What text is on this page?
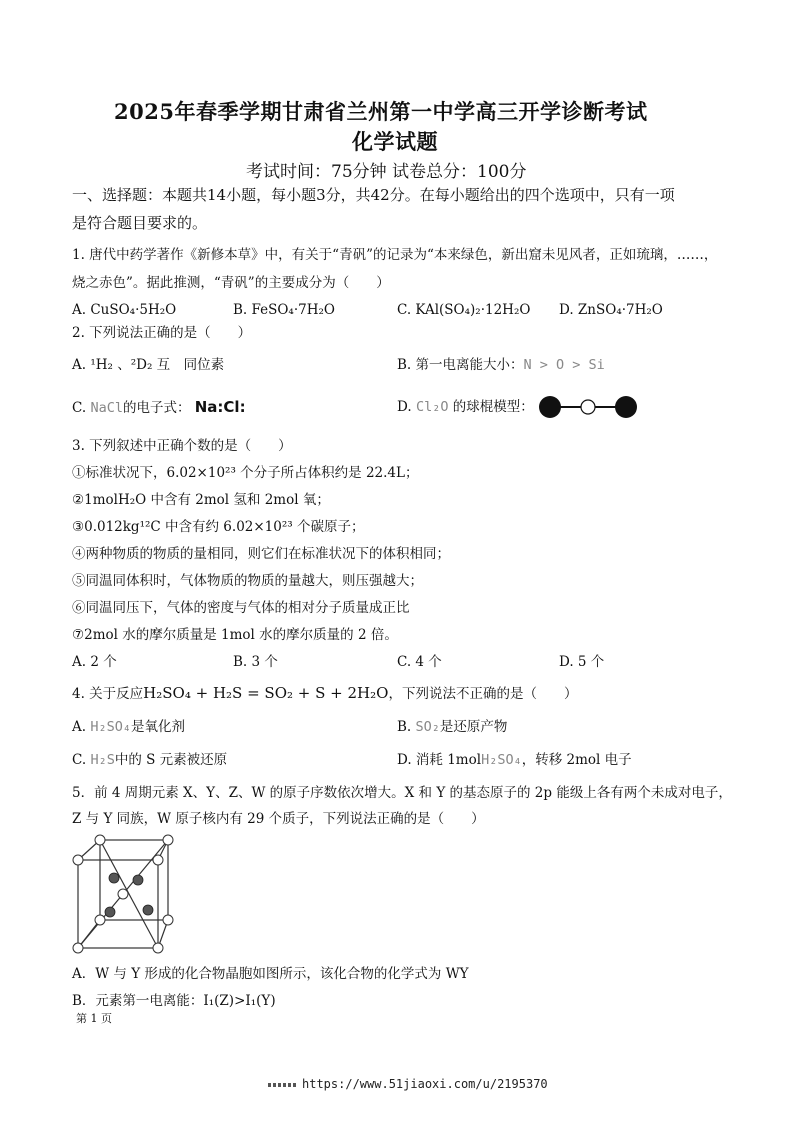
2025年春季学期甘肃省兰州第一中学高三开学诊断考试
化学试题
考试时间：75分钟 试卷总分：100分
一、选择题：本题共14小题，每小题3分，共42分。在每小题给出的四个选项中，只有一项
是符合题目要求的。
1. 唐代中药学著作《新修本草》中，有关于“青矾”的记录为“本来绿色，新出窟未见风者，正如琉璃，……，
烧之赤色”。据此推测，“青矾”的主要成分为（　　）
A. CuSO₄·5H₂O	B. FeSO₄·7H₂O	C. KAl(SO₄)₂·12H₂O D. ZnSO₄·7H₂O
2. 下列说法正确的是（　　）
A. ¹H₂ 、²D₂ 互　同位素	B. 第一电离能大小：N > O > Si
C. NaCl的电子式： Na:Cl:	D. Cl₂O 的球棍模型：
3. 下列叙述中正确个数的是（　　）
①标准状况下，6.02×10²³ 个分子所占体积约是 22.4L；
②1molH₂O 中含有 2mol 氢和 2mol 氧；
③0.012kg¹²C 中含有约 6.02×10²³ 个碳原子；
④两种物质的物质的量相同，则它们在标准状况下的体积相同；
⑤同温同体积时，气体物质的物质的量越大，则压强越大；
⑥同温同压下，气体的密度与气体的相对分子质量成正比
⑦2mol 水的摩尔质量是 1mol 水的摩尔质量的 2 倍。
A. 2 个	B. 3 个	C. 4 个	D. 5 个
4. 关于反应H₂SO₄ + H₂S = SO₂ + S + 2H₂O，下列说法不正确的是（　　）
A. H₂SO₄是氧化剂	B. SO₂是还原产物
C. H₂S中的 S 元素被还原	D. 消耗 1molH₂SO₄，转移 2mol 电子
5．前 4 周期元素 X、Y、Z、W 的原子序数依次增大。X 和 Y 的基态原子的 2p 能级上各有两个未成对电子，
Z 与 Y 同族，W 原子核内有 29 个质子，下列说法正确的是（　　）
A．W 与 Y 形成的化合物晶胞如图所示，该化合物的化学式为 WY
B．元素第一电离能：I₁(Z)>I₁(Y)
第 1 页
https://www.51jiaoxi.com/u/2195370
